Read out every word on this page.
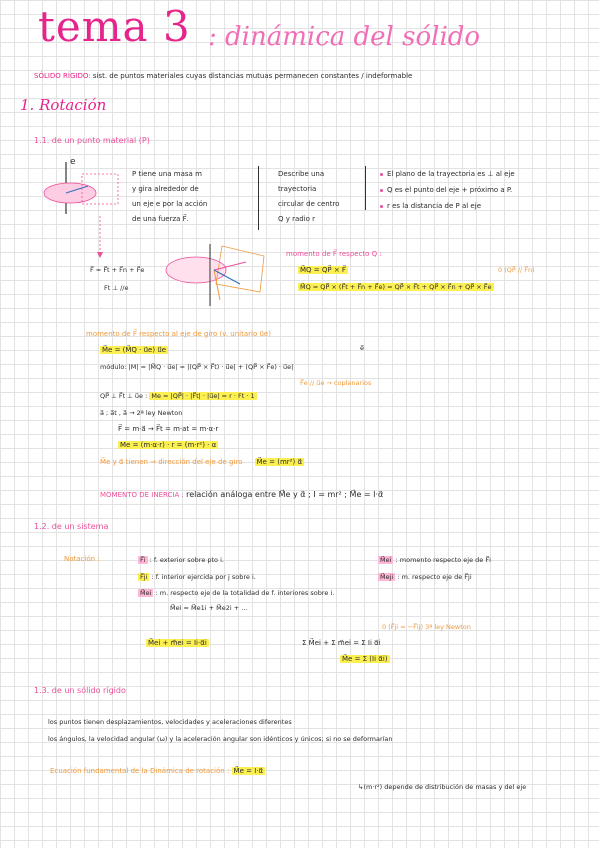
tema 3 : dinámica del sólido
SÓLIDO RÍGIDO: sist. de puntos materiales cuyas distancias mutuas permanecen constantes / indeformable
1. Rotación
1.1. de un punto material (P)
e
P tiene una masa m
y gira alrededor de
un eje e por la acción
de una fuerza F⃗.
Describe una
trayectoria
circular de centro
Q y radio r
El plano de la trayectoria es ⊥ al eje
Q es el punto del eje + próximo a P.
r es la distancia de P al eje
F⃗ = F⃗t + F⃗n + F⃗e
Ft ⊥ //e
momento de F⃗ respecto Q :
M⃗Q = QP⃗ × F⃗	0 (QP⃗ // F⃗n)
M⃗Q = QP⃗ × (F⃗t + F⃗n + F⃗e) = QP⃗ × F⃗t + QP⃗ × F⃗n + QP⃗ × F⃗e
momento de F⃗ respecto al eje de giro (v. unitario u⃗e)
e⃗
M⃗e = (M⃗Q · u⃗e) u⃗e
módulo: |M| = |M⃗Q · u⃗e| = |(QP⃗ × F⃗t) · u⃗e| + (QP⃗ × F⃗e) · u⃗e|
F⃗e // u⃗e → coplanarios
QP⃗ ⊥ F⃗t ⊥ u⃗e : Me = |QP⃗| · |F⃗t| · |u⃗e| = r · Ft · 1
a⃗ ; a⃗t , a⃗ → 2ª ley Newton
F⃗ = m·a⃗ → F⃗t = m·at = m·α·r
Me = (m·α·r) · r = (m·r²) · α
M⃗e y α⃗ tienen → dirección del eje de giro M⃗e = (mr²) α⃗
MOMENTO DE INERCIA : relación análoga entre M⃗e y α⃗ ; I = mr² ; M⃗e = I·α⃗
1.2. de un sistema
Notación :	F⃗i : f. exterior sobre pto i.
F⃗ji : f. interior ejercida por j sobre i.
M⃗ei : m. respecto eje de la totalidad de f. interiores sobre i.
M⃗ei = M⃗e1i + M⃗e2i + ...
M⃗ei : momento respecto eje de F⃗i
M⃗eji : m. respecto eje de F⃗ji
M⃗ei + m⃗ei = Ii·α⃗i
0 (F⃗ji = −F⃗ij) 3ª ley Newton
Σ M⃗ei + Σ m⃗ei = Σ Ii α⃗i
M⃗e = Σ (Ii α⃗i)
1.3. de un sólido rígido
los puntos tienen desplazamientos, velocidades y aceleraciones diferentes
los ángulos, la velocidad angular (ω) y la aceleración angular son idénticos y únicos; si no se deformarían
Ecuación fundamental de la Dinámica de rotación : M⃗e = I·α⃗
↳(m·r²) depende de distribución de masas y del eje
